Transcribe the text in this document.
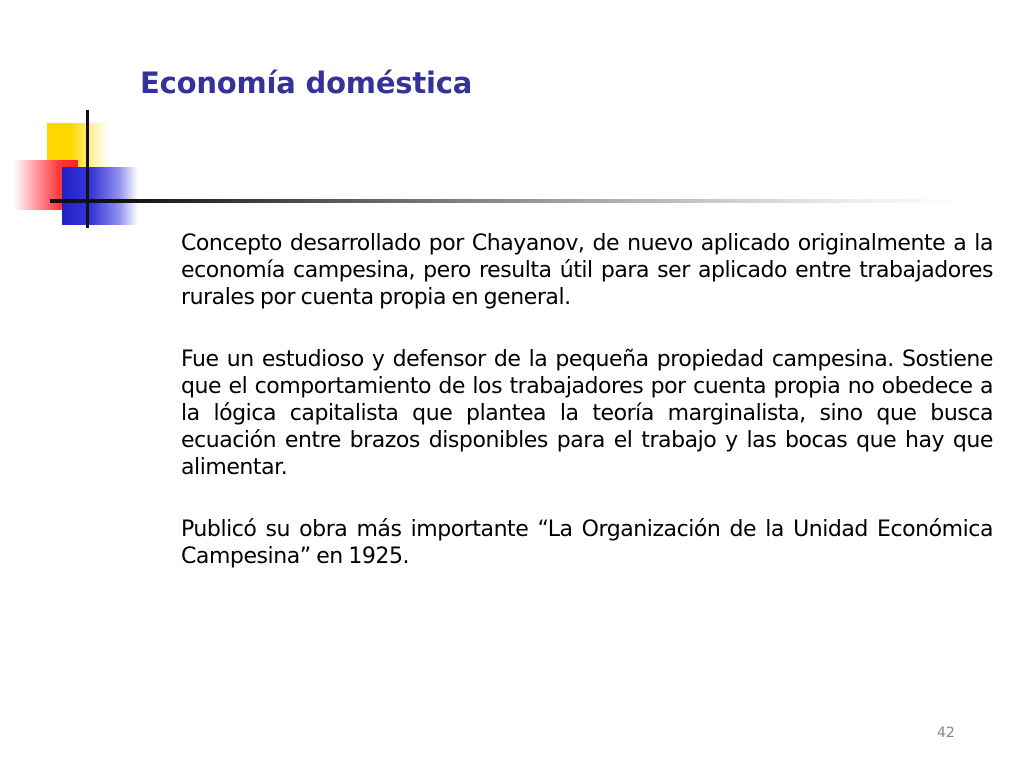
Economía doméstica

Concepto desarrollado por Chayanov, de nuevo aplicado originalmente a la economía campesina, pero resulta útil para ser aplicado entre trabajadores rurales por cuenta propia en general.

Fue un estudioso y defensor de la pequeña propiedad campesina. Sostiene que el comportamiento de los trabajadores por cuenta propia no obedece a la lógica capitalista que plantea la teoría marginalista, sino que busca ecuación entre brazos disponibles para el trabajo y las bocas que hay que alimentar.

Publicó su obra más importante “La Organización de la Unidad Económica Campesina” en 1925.

42
